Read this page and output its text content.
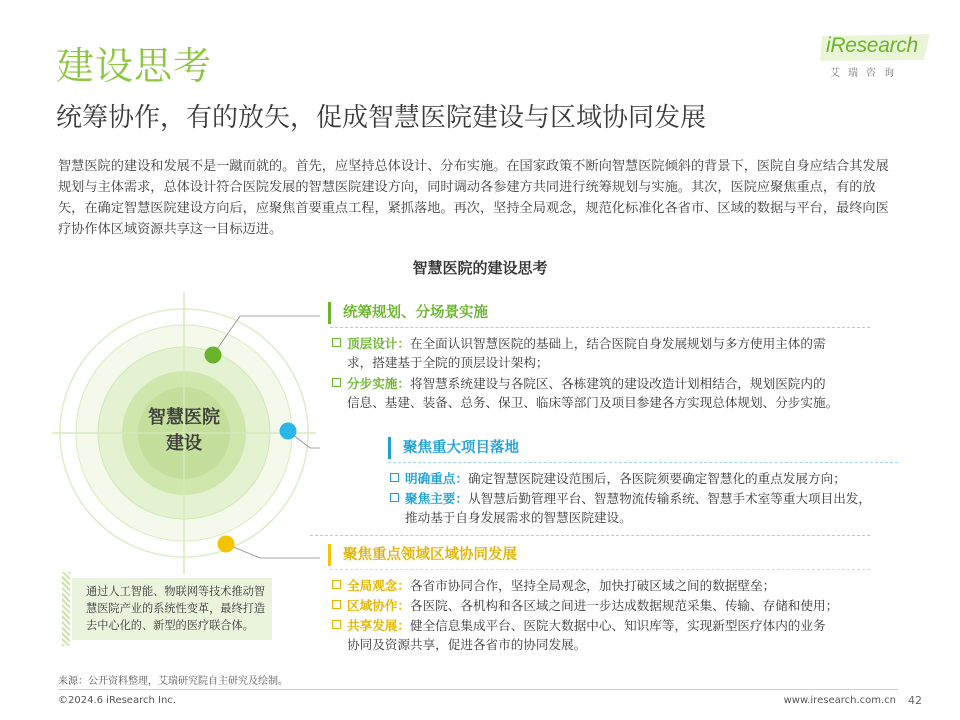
建设思考
统筹协作，有的放矢，促成智慧医院建设与区域协同发展
iResearch
艾瑞咨询
智慧医院的建设和发展不是一蹴而就的。首先，应坚持总体设计、分布实施。在国家政策不断向智慧医院倾斜的背景下，医院自身应结合其发展规划与主体需求，总体设计符合医院发展的智慧医院建设方向，同时调动各参建方共同进行统筹规划与实施。其次，医院应聚焦重点，有的放矢，在确定智慧医院建设方向后，应聚焦首要重点工程，紧抓落地。再次，坚持全局观念，规范化标准化各省市、区域的数据与平台，最终向医疗协作体区域资源共享这一目标迈进。
智慧医院的建设思考
智慧医院
建设
统筹规划、分场景实施
顶层设计：在全面认识智慧医院的基础上，结合医院自身发展规划与多方使用主体的需
求，搭建基于全院的顶层设计架构；
分步实施：将智慧系统建设与各院区、各栋建筑的建设改造计划相结合，规划医院内的
信息、基建、装备、总务、保卫、临床等部门及项目参建各方实现总体规划、分步实施。
聚焦重大项目落地
明确重点：确定智慧医院建设范围后，各医院须要确定智慧化的重点发展方向；
聚焦主要：从智慧后勤管理平台、智慧物流传输系统、智慧手术室等重大项目出发，
推动基于自身发展需求的智慧医院建设。
聚焦重点领域区域协同发展
全局观念：各省市协同合作，坚持全局观念，加快打破区域之间的数据壁垒；
区域协作：各医院、各机构和各区域之间进一步达成数据规范采集、传输、存储和使用；
共享发展：健全信息集成平台、医院大数据中心、知识库等，实现新型医疗体内的业务
协同及资源共享，促进各省市的协同发展。
通过人工智能、物联网等技术推动智慧医院产业的系统性变革，最终打造去中心化的、新型的医疗联合体。
来源：公开资料整理，艾瑞研究院自主研究及绘制。
©2024.6 iResearch Inc.	www.iresearch.com.cn 42
